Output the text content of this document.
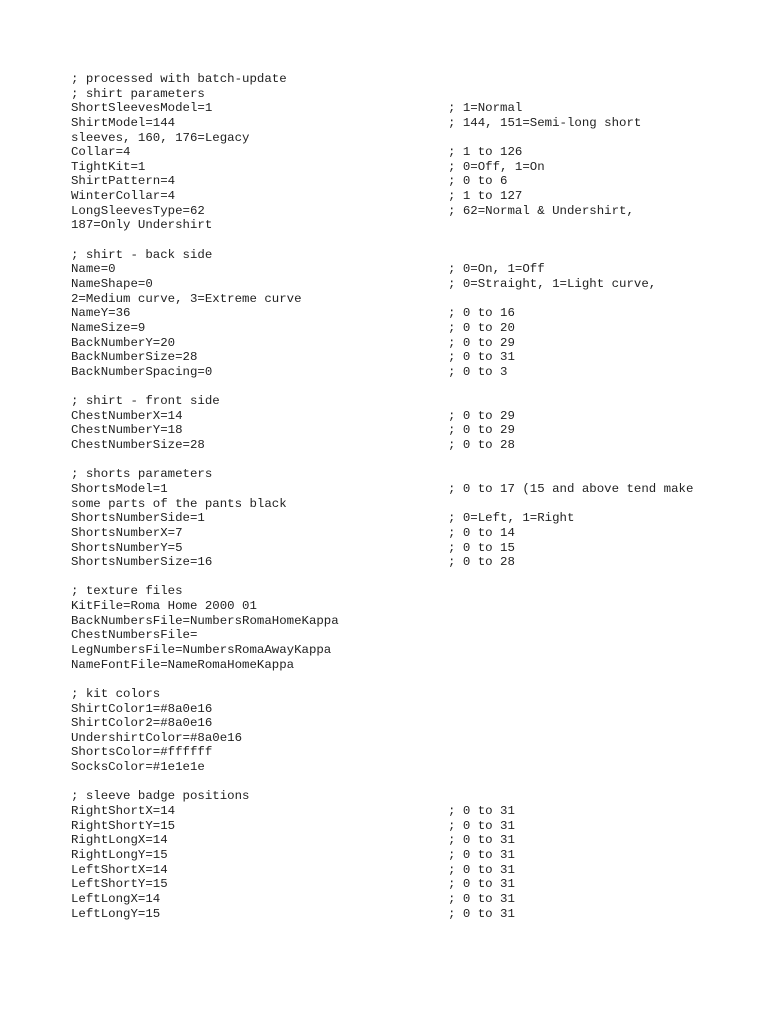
; processed with batch-update
; shirt parameters
ShortSleevesModel=1	; 1=Normal
ShirtModel=144	; 144, 151=Semi-long short
sleeves, 160, 176=Legacy
Collar=4	; 1 to 126
TightKit=1	; 0=Off, 1=On
ShirtPattern=4	; 0 to 6
WinterCollar=4	; 1 to 127
LongSleevesType=62	; 62=Normal & Undershirt,
187=Only Undershirt
; shirt - back side
Name=0	; 0=On, 1=Off
NameShape=0	; 0=Straight, 1=Light curve,
2=Medium curve, 3=Extreme curve
NameY=36	; 0 to 16
NameSize=9	; 0 to 20
BackNumberY=20	; 0 to 29
BackNumberSize=28	; 0 to 31
BackNumberSpacing=0	; 0 to 3
; shirt - front side
ChestNumberX=14	; 0 to 29
ChestNumberY=18	; 0 to 29
ChestNumberSize=28	; 0 to 28
; shorts parameters
ShortsModel=1	; 0 to 17 (15 and above tend make
some parts of the pants black
ShortsNumberSide=1	; 0=Left, 1=Right
ShortsNumberX=7	; 0 to 14
ShortsNumberY=5	; 0 to 15
ShortsNumberSize=16	; 0 to 28
; texture files
KitFile=Roma Home 2000 01
BackNumbersFile=NumbersRomaHomeKappa
ChestNumbersFile=
LegNumbersFile=NumbersRomaAwayKappa
NameFontFile=NameRomaHomeKappa
; kit colors
ShirtColor1=#8a0e16
ShirtColor2=#8a0e16
UndershirtColor=#8a0e16
ShortsColor=#ffffff
SocksColor=#1e1e1e
; sleeve badge positions
RightShortX=14	; 0 to 31
RightShortY=15	; 0 to 31
RightLongX=14	; 0 to 31
RightLongY=15	; 0 to 31
LeftShortX=14	; 0 to 31
LeftShortY=15	; 0 to 31
LeftLongX=14	; 0 to 31
LeftLongY=15	; 0 to 31
